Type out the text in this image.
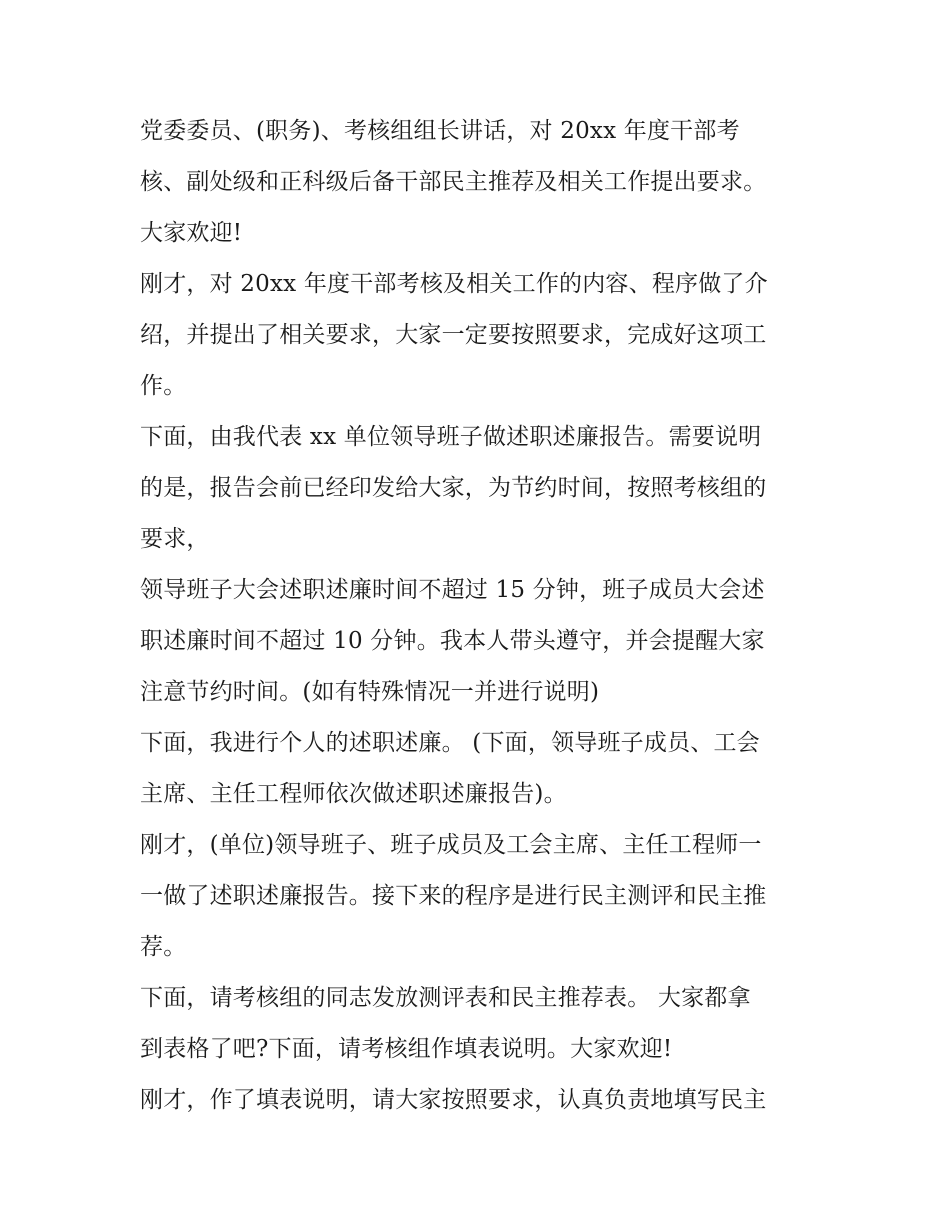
党委委员、(职务)、考核组组长讲话，对 20xx 年度干部考
核、副处级和正科级后备干部民主推荐及相关工作提出要求。
大家欢迎!
刚才，对 20xx 年度干部考核及相关工作的内容、程序做了介
绍，并提出了相关要求，大家一定要按照要求，完成好这项工
作。
下面，由我代表 xx 单位领导班子做述职述廉报告。需要说明
的是，报告会前已经印发给大家，为节约时间，按照考核组的
要求，
领导班子大会述职述廉时间不超过 15 分钟，班子成员大会述
职述廉时间不超过 10 分钟。我本人带头遵守，并会提醒大家
注意节约时间。(如有特殊情况一并进行说明)
下面，我进行个人的述职述廉。 (下面，领导班子成员、工会
主席、主任工程师依次做述职述廉报告)。
刚才，(单位)领导班子、班子成员及工会主席、主任工程师一
一做了述职述廉报告。接下来的程序是进行民主测评和民主推
荐。
下面，请考核组的同志发放测评表和民主推荐表。 大家都拿
到表格了吧?下面，请考核组作填表说明。大家欢迎!
刚才，作了填表说明，请大家按照要求，认真负责地填写民主
